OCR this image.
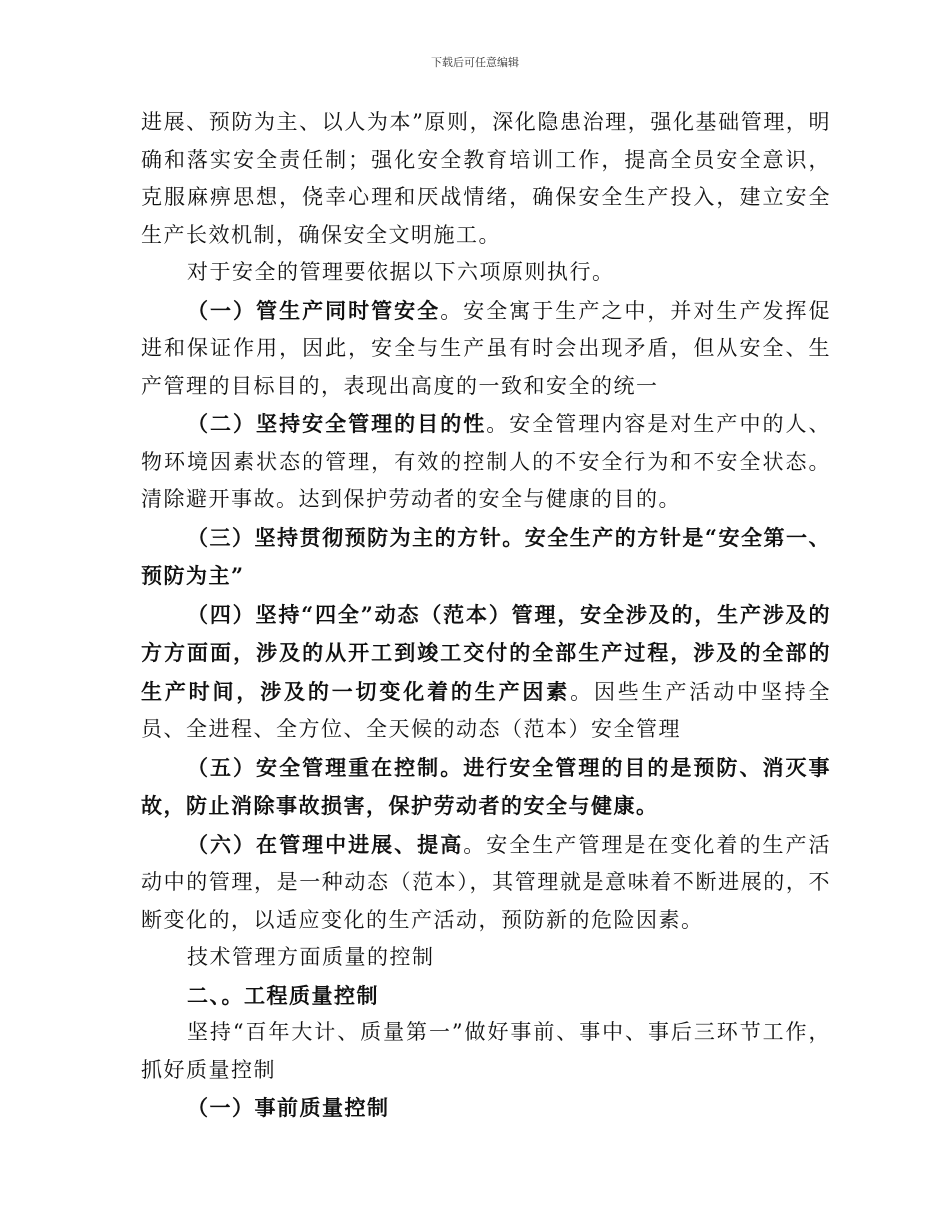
下载后可任意编辑

进展、预防为主、以人为本”原则，深化隐患治理，强化基础管理，明确和落实安全责任制；强化安全教育培训工作，提高全员安全意识，克服麻痹思想，侥幸心理和厌战情绪，确保安全生产投入，建立安全生产长效机制，确保安全文明施工。

对于安全的管理要依据以下六项原则执行。

（一）管生产同时管安全。安全寓于生产之中，并对生产发挥促进和保证作用，因此，安全与生产虽有时会出现矛盾，但从安全、生产管理的目标目的，表现出高度的一致和安全的统一

（二）坚持安全管理的目的性。安全管理内容是对生产中的人、物环境因素状态的管理，有效的控制人的不安全行为和不安全状态。清除避开事故。达到保护劳动者的安全与健康的目的。

（三）坚持贯彻预防为主的方针。安全生产的方针是“安全第一、预防为主”

（四）坚持“四全”动态（范本）管理，安全涉及的，生产涉及的方方面面，涉及的从开工到竣工交付的全部生产过程，涉及的全部的生产时间，涉及的一切变化着的生产因素。因些生产活动中坚持全员、全进程、全方位、全天候的动态（范本）安全管理

（五）安全管理重在控制。进行安全管理的目的是预防、消灭事故，防止消除事故损害，保护劳动者的安全与健康。

（六）在管理中进展、提高。安全生产管理是在变化着的生产活动中的管理，是一种动态（范本），其管理就是意味着不断进展的，不断变化的，以适应变化的生产活动，预防新的危险因素。

技术管理方面质量的控制

二、。工程质量控制

坚持“百年大计、质量第一”做好事前、事中、事后三环节工作，抓好质量控制

（一）事前质量控制
